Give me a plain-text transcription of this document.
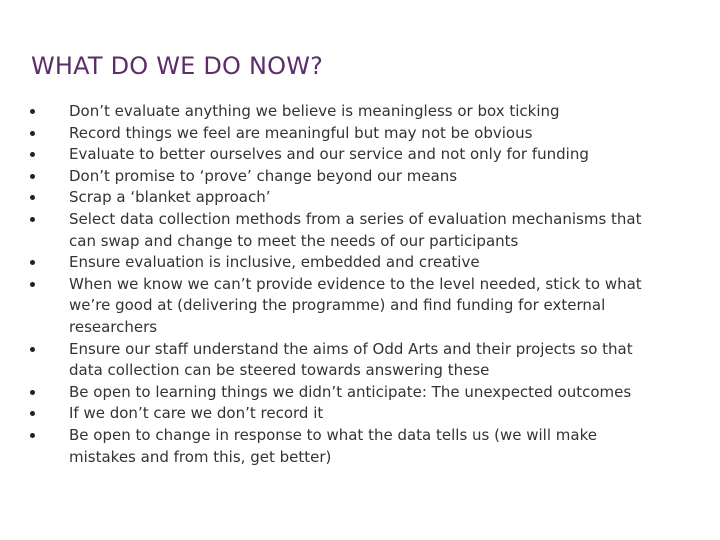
WHAT DO WE DO NOW?
Don’t evaluate anything we believe is meaningless or box ticking
Record things we feel are meaningful but may not be obvious
Evaluate to better ourselves and our service and not only for funding
Don’t promise to ‘prove’ change beyond our means
Scrap a ‘blanket approach’
Select data collection methods from a series of evaluation mechanisms that
can swap and change to meet the needs of our participants
Ensure evaluation is inclusive, embedded and creative
When we know we can’t provide evidence to the level needed, stick to what
we’re good at (delivering the programme) and find funding for external
researchers
Ensure our staff understand the aims of Odd Arts and their projects so that
data collection can be steered towards answering these
Be open to learning things we didn’t anticipate: The unexpected outcomes
If we don’t care we don’t record it
Be open to change in response to what the data tells us (we will make
mistakes and from this, get better)
